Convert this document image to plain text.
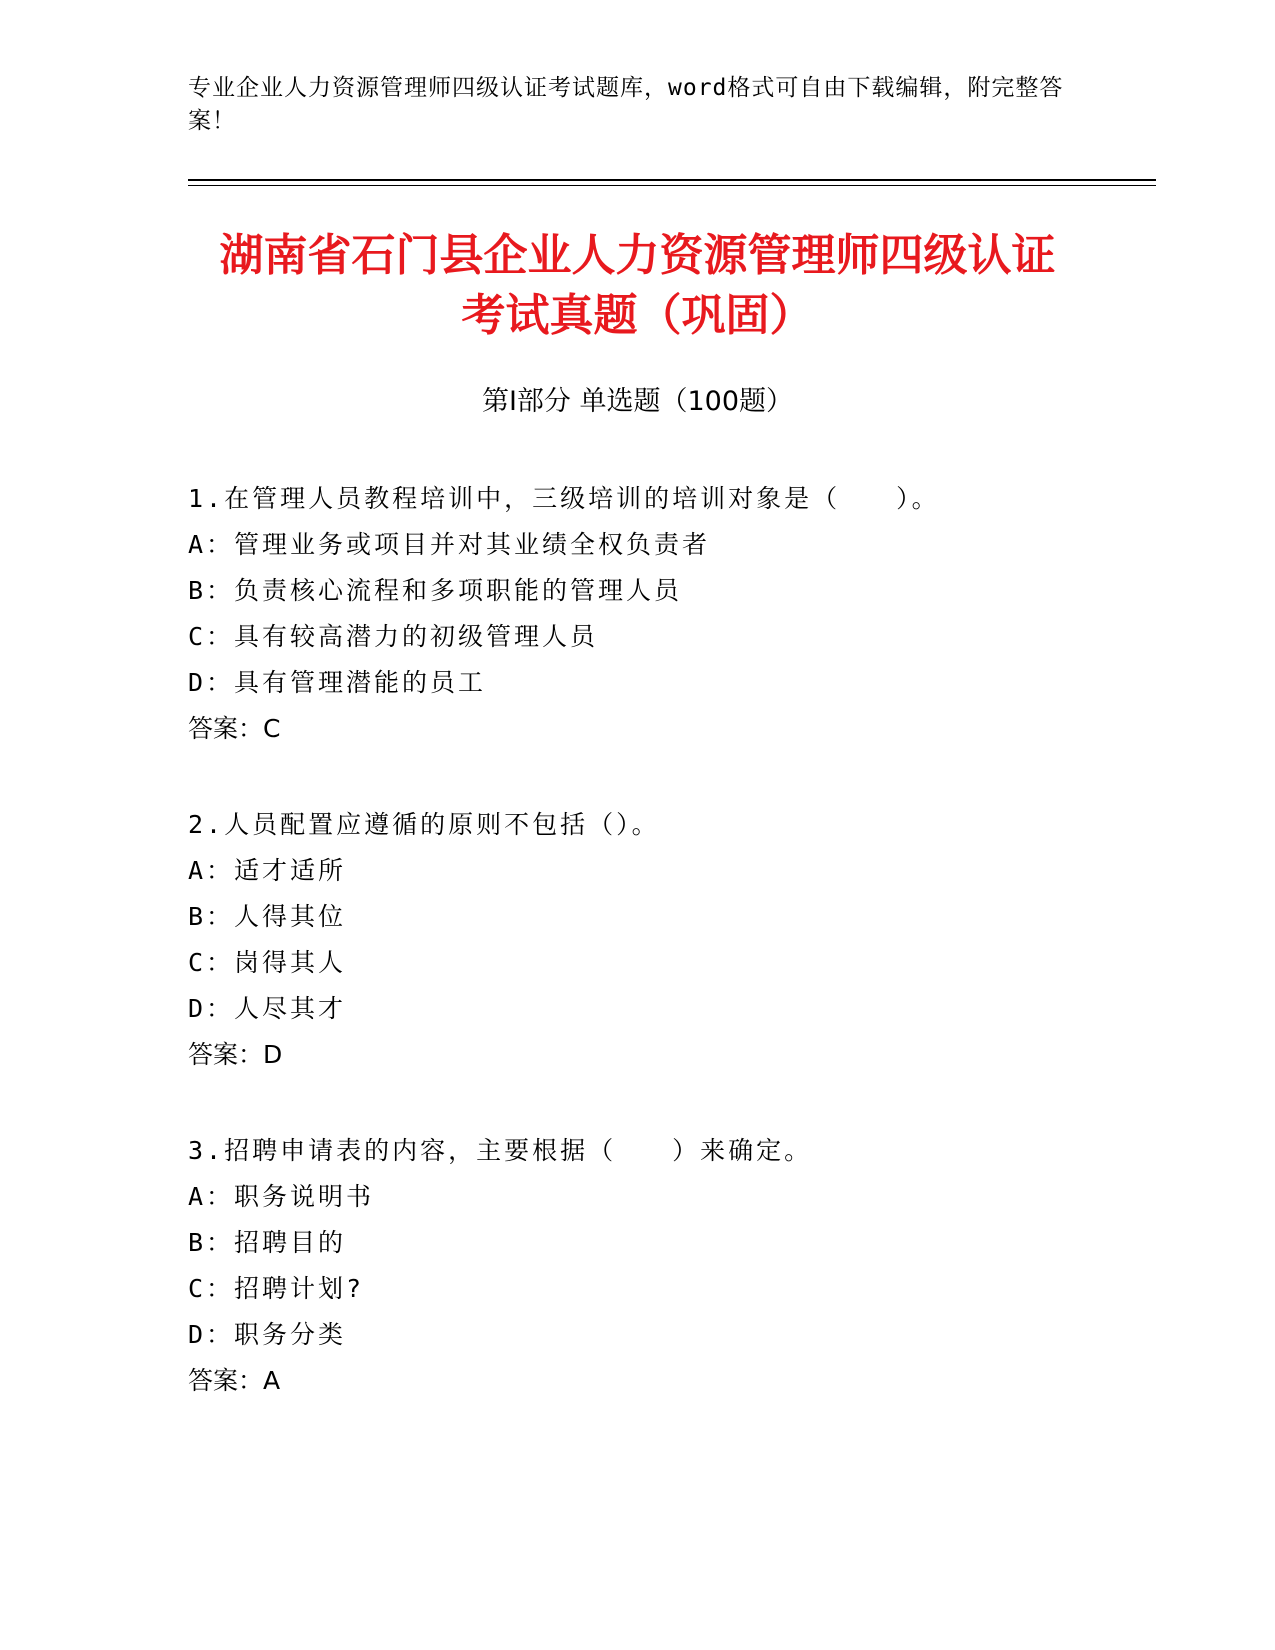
专业企业人力资源管理师四级认证考试题库，word格式可自由下载编辑，附完整答案！
湖南省石门县企业人力资源管理师四级认证
考试真题（巩固）
第Ⅰ部分 单选题（100题）
1.在管理人员教程培训中，三级培训的培训对象是（　　）。
A：管理业务或项目并对其业绩全权负责者
B：负责核心流程和多项职能的管理人员
C：具有较高潜力的初级管理人员
D：具有管理潜能的员工
答案：C
2.人员配置应遵循的原则不包括（）。
A：适才适所
B：人得其位
C：岗得其人
D：人尽其才
答案：D
3.招聘申请表的内容，主要根据（　　）来确定。
A：职务说明书
B：招聘目的
C：招聘计划?
D：职务分类
答案：A
